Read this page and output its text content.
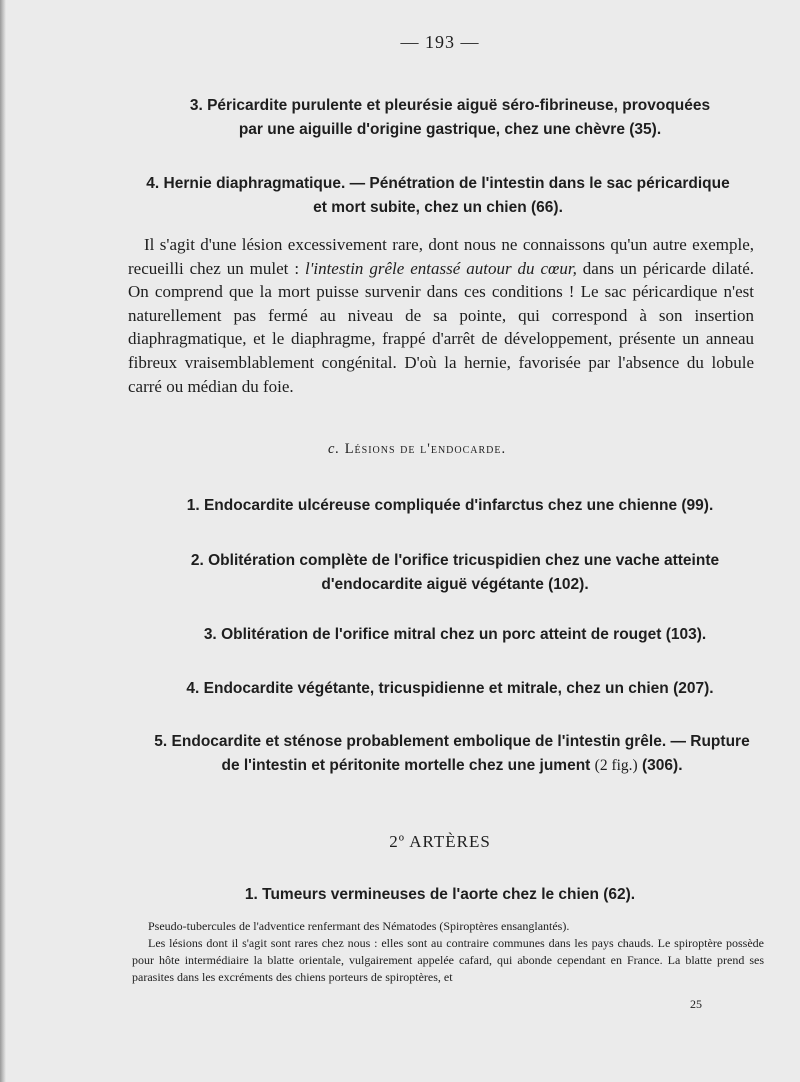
— 193 —
3. Péricardite purulente et pleurésie aiguë séro-fibrineuse, provoquées
par une aiguille d'origine gastrique, chez une chèvre (35).
4. Hernie diaphragmatique. — Pénétration de l'intestin dans le sac péricardique
et mort subite, chez un chien (66).

Il s'agit d'une lésion excessivement rare, dont nous ne connaissons qu'un autre exemple, recueilli chez un mulet : l'intestin grêle entassé autour du cœur, dans un péricarde dilaté. On comprend que la mort puisse survenir dans ces conditions ! Le sac péricardique n'est naturellement pas fermé au niveau de sa pointe, qui correspond à son insertion diaphragmatique, et le diaphragme, frappé d'arrêt de développement, présente un anneau fibreux vraisemblablement congénital. D'où la hernie, favorisée par l'absence du lobule carré ou médian du foie.

c. Lésions de l'endocarde.
1. Endocardite ulcéreuse compliquée d'infarctus chez une chienne (99).
2. Oblitération complète de l'orifice tricuspidien chez une vache atteinte
d'endocardite aiguë végétante (102).
3. Oblitération de l'orifice mitral chez un porc atteint de rouget (103).
4. Endocardite végétante, tricuspidienne et mitrale, chez un chien (207).
5. Endocardite et sténose probablement embolique de l'intestin grêle. — Rupture
de l'intestin et péritonite mortelle chez une jument (2 fig.) (306).
2º ARTÈRES
1. Tumeurs vermineuses de l'aorte chez le chien (62).

Pseudo-tubercules de l'adventice renfermant des Nématodes (Spiroptères ensanglantés).

Les lésions dont il s'agit sont rares chez nous : elles sont au contraire communes dans les pays chauds. Le spiroptère possède pour hôte intermédiaire la blatte orientale, vulgairement appelée cafard, qui abonde cependant en France. La blatte prend ses parasites dans les excréments des chiens porteurs de spiroptères, et

25
